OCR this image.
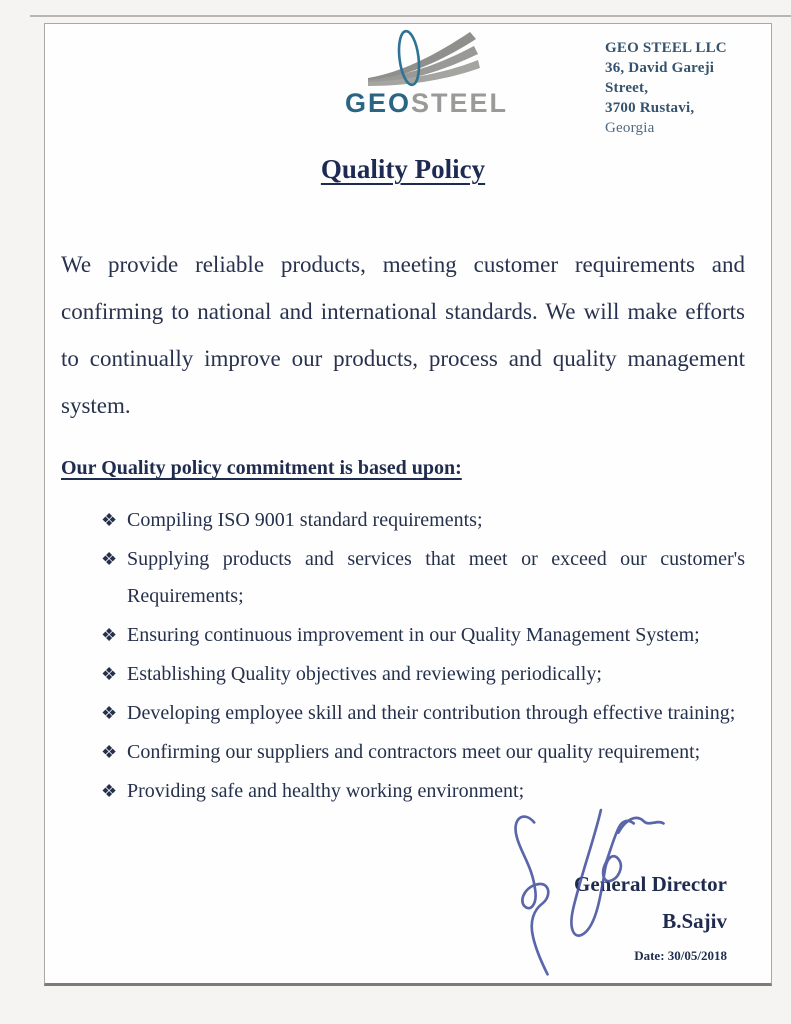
GEOSTEEL
GEO STEEL LLC
36, David Gareji Street,
3700 Rustavi, Georgia
Quality Policy

We provide reliable products, meeting customer requirements and confirming to national and international standards. We will make efforts to continually improve our products, process and quality management system.

Our Quality policy commitment is based upon:
❖ Compiling ISO 9001 standard requirements;
❖ Supplying products and services that meet or exceed our customer's Requirements;
❖ Ensuring continuous improvement in our Quality Management System;
❖ Establishing Quality objectives and reviewing periodically;
❖ Developing employee skill and their contribution through effective training;
❖ Confirming our suppliers and contractors meet our quality requirement;
❖ Providing safe and healthy working environment;
General Director
B.Sajiv
Date: 30/05/2018
